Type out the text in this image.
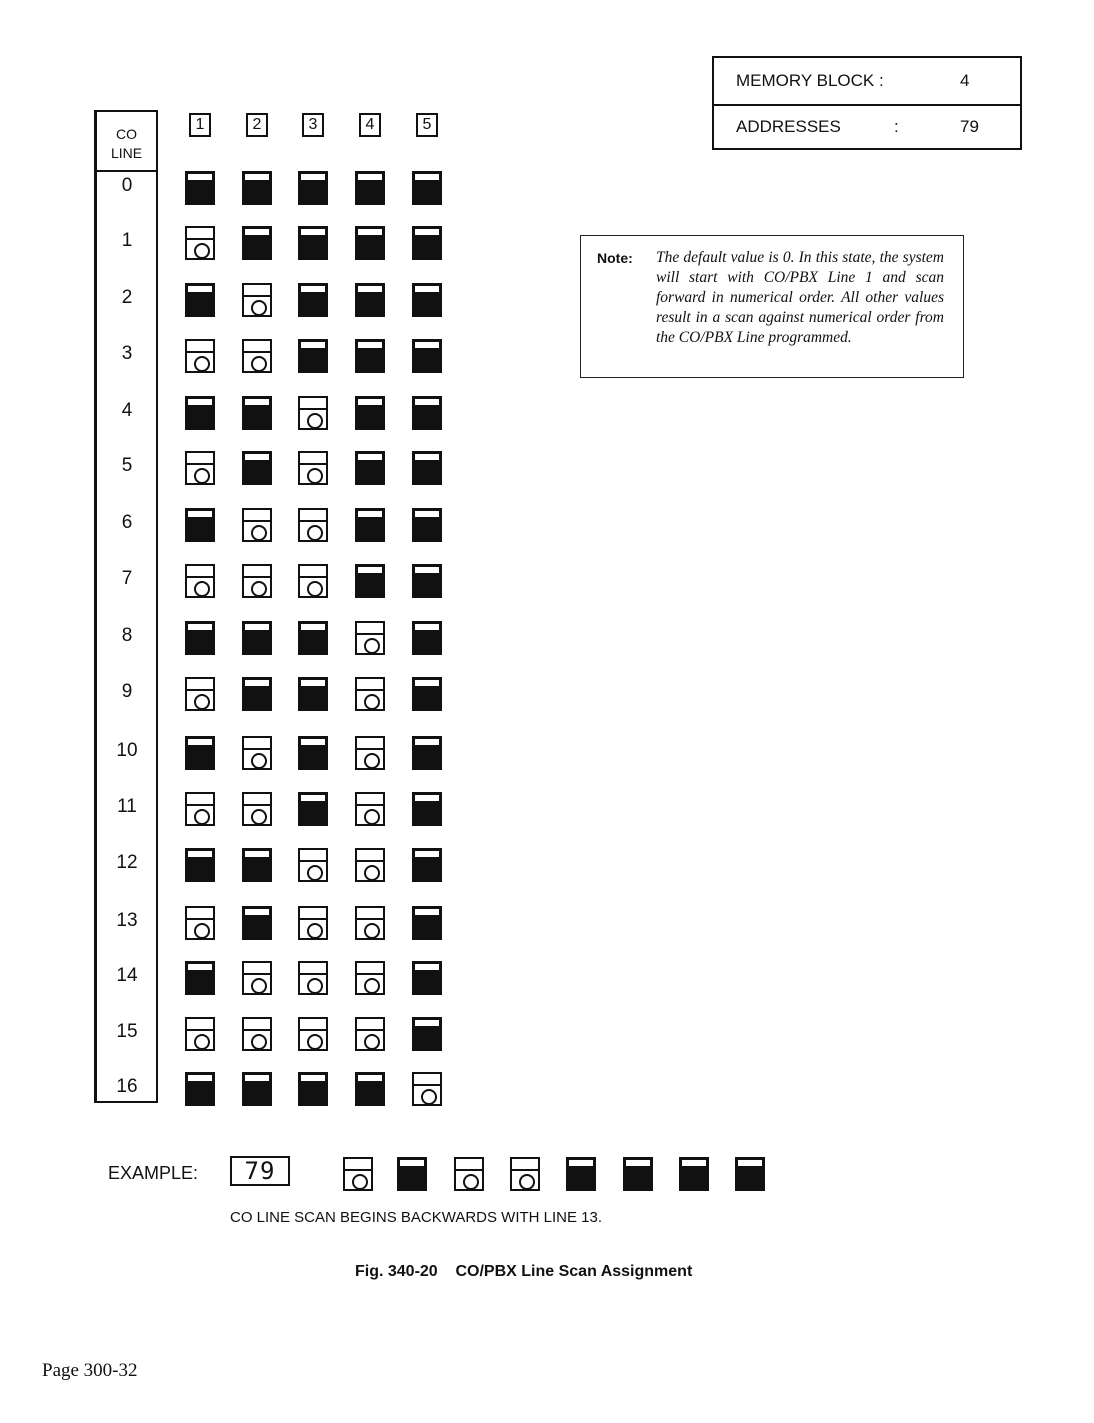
MEMORY BLOCK :	4
ADDRESSES	:	79
CO
LINE
0
1
2
3
4
5
6
7
8
9
10
11
12
13
14
15
16
1	2	3	4	5
Note: The default value is 0. In this state, the system will start with CO/PBX Line 1 and scan forward in numerical order. All other values result in a scan against numerical order from the CO/PBX Line programmed.
EXAMPLE:	79
CO LINE SCAN BEGINS BACKWARDS WITH LINE 13.
Fig. 340-20    CO/PBX Line Scan Assignment
Page 300-32
